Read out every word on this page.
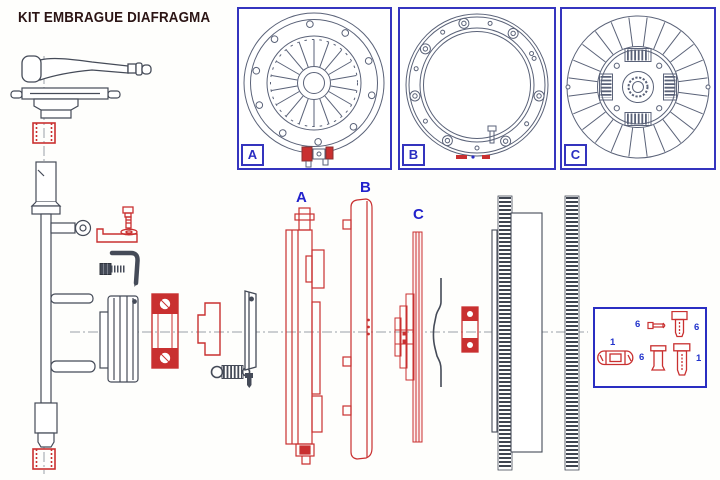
KIT EMBRAGUE DIAFRAGMA
A	B	C
A
B
C
6	6
1
6	1
